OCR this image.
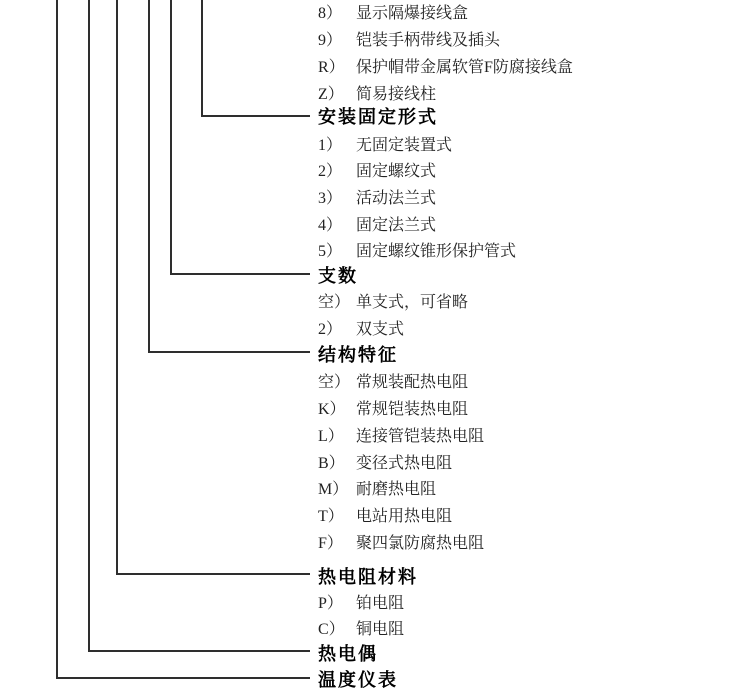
8） 显示隔爆接线盒
9） 铠装手柄带线及插头
R） 保护帽带金属软管F防腐接线盒
Z） 简易接线柱
安装固定形式
1） 无固定装置式
2） 固定螺纹式
3） 活动法兰式
4） 固定法兰式
5） 固定螺纹锥形保护管式
支数
空） 单支式，可省略
2） 双支式
结构特征
空） 常规装配热电阻
K） 常规铠装热电阻
L） 连接管铠装热电阻
B） 变径式热电阻
M） 耐磨热电阻
T） 电站用热电阻
F） 聚四氯防腐热电阻
热电阻材料
P） 铂电阻
C） 铜电阻
热电偶
温度仪表
